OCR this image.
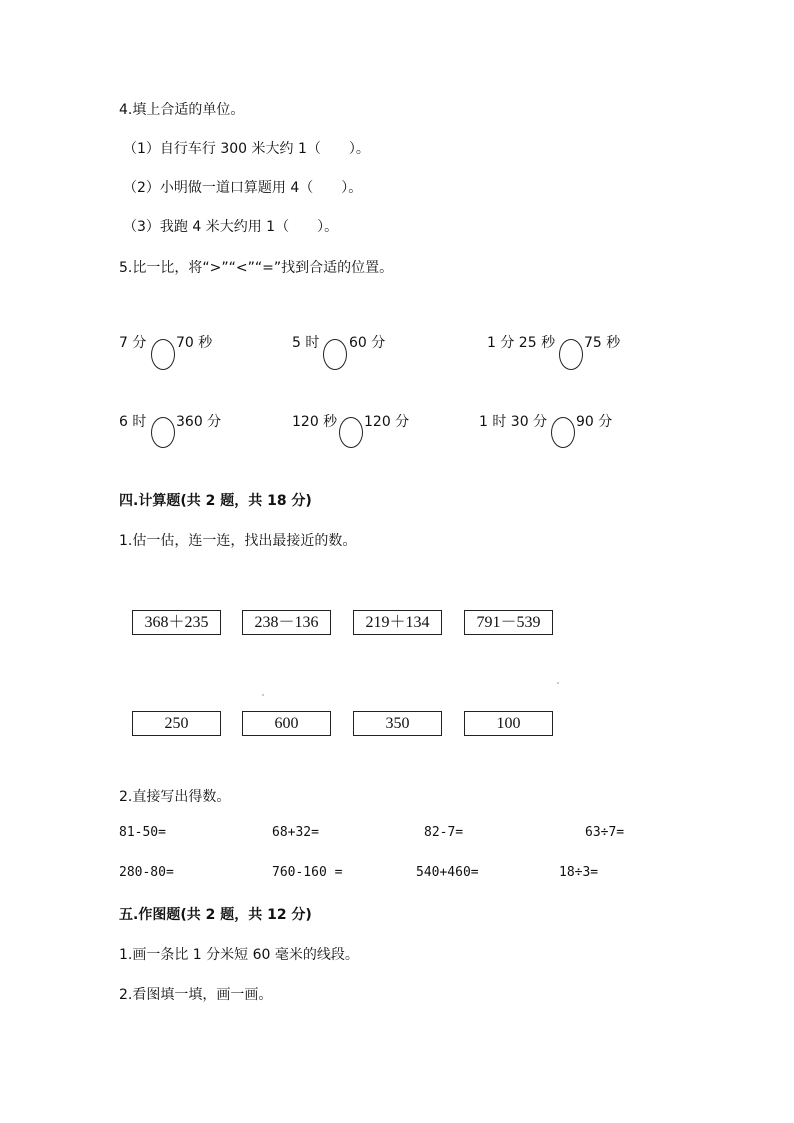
4.填上合适的单位。
（1）自行车行 300 米大约 1（　　）。
（2）小明做一道口算题用 4（　　）。
（3）我跑 4 米大约用 1（　　）。
5.比一比，将“>”“<”“=”找到合适的位置。
7 分 70 秒	5 时 60 分	1 分 25 秒 75 秒
6 时 360 分	120 秒 120 分	1 时 30 分 90 分
四.计算题(共 2 题，共 18 分)
1.估一估，连一连，找出最接近的数。
368＋235	238－136	219＋134	791－539
250	600	350	100
2.直接写出得数。
81-50=	68+32=	82-7=	63÷7=
280-80=	760-160 =	540+460=	18÷3=
五.作图题(共 2 题，共 12 分)
1.画一条比 1 分米短 60 毫米的线段。
2.看图填一填，画一画。
